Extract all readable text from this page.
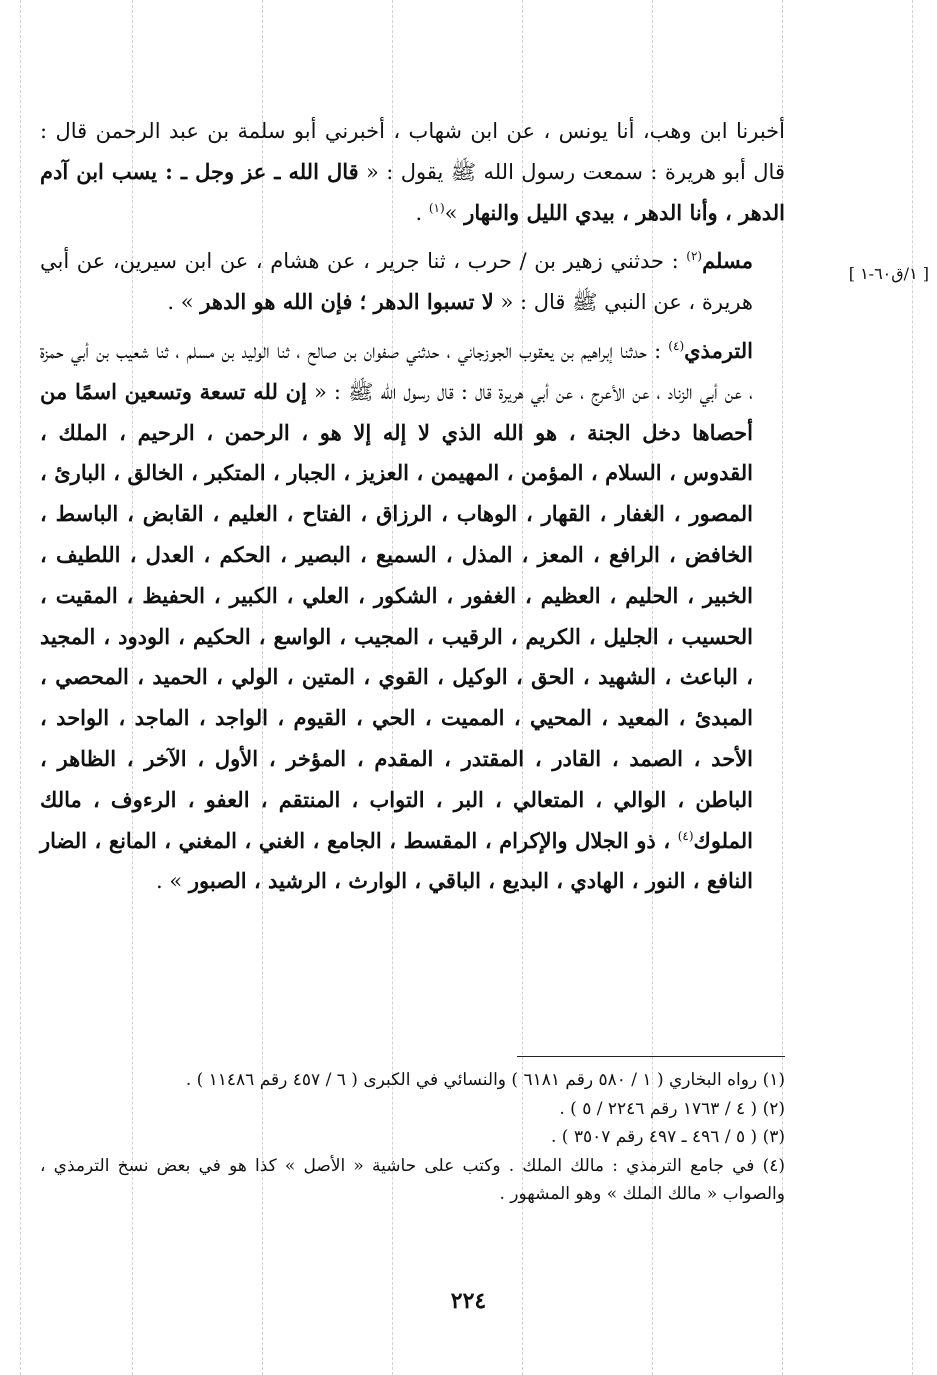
[ ١/ق٦٠-١ ]

أخبرنا ابن وهب، أنا يونس ، عن ابن شهاب ، أخبرني أبو سلمة بن عبد الرحمن قال : قال أبو هريرة : سمعت رسول الله ﷺ يقول : « قال الله ـ عز وجل ـ : يسب ابن آدم الدهر ، وأنا الدهر ، بيدي الليل والنهار »$^{(١)}$ .

مسلم$^{(٢)}$ : حدثني زهير بن / حرب ، ثنا جرير ، عن هشام ، عن ابن سيرين، عن أبي هريرة ، عن النبي ﷺ قال : « لا تسبوا الدهر ؛ فإن الله هو الدهر » .

الترمذي$^{(٤)}$ : حدثنا إبراهيم بن يعقوب الجوزجاني ، حدثني صفوان بن صالح ، ثنا الوليد بن مسلم ، ثنا شعيب بن أبي حمزة ، عن أبي الزناد ، عن الأعرج ، عن أبي هريرة قال : قال رسول الله ﷺ : « إن لله تسعة وتسعين اسمًا من أحصاها دخل الجنة ، هو الله الذي لا إله إلا هو ، الرحمن ، الرحيم ، الملك ، القدوس ، السلام ، المؤمن ، المهيمن ، العزيز ، الجبار ، المتكبر ، الخالق ، البارئ ، المصور ، الغفار ، القهار ، الوهاب ، الرزاق ، الفتاح ، العليم ، القابض ، الباسط ، الخافض ، الرافع ، المعز ، المذل ، السميع ، البصير ، الحكم ، العدل ، اللطيف ، الخبير ، الحليم ، العظيم ، الغفور ، الشكور ، العلي ، الكبير ، الحفيظ ، المقيت ، الحسيب ، الجليل ، الكريم ، الرقيب ، المجيب ، الواسع ، الحكيم ، الودود ، المجيد ، الباعث ، الشهيد ، الحق ، الوكيل ، القوي ، المتين ، الولي ، الحميد ، المحصي ، المبدئ ، المعيد ، المحيي ، المميت ، الحي ، القيوم ، الواجد ، الماجد ، الواحد ، الأحد ، الصمد ، القادر ، المقتدر ، المقدم ، المؤخر ، الأول ، الآخر ، الظاهر ، الباطن ، الوالي ، المتعالي ، البر ، التواب ، المنتقم ، العفو ، الرءوف ، مالك الملوك$^{(٤)}$ ، ذو الجلال والإكرام ، المقسط ، الجامع ، الغني ، المغني ، المانع ، الضار النافع ، النور ، الهادي ، البديع ، الباقي ، الوارث ، الرشيد ، الصبور » .

(١) رواه البخاري ( ١ / ٥٨٠ رقم ٦١٨١ ) والنسائي في الكبرى ( ٦ / ٤٥٧ رقم ١١٤٨٦ ) .

(٢) ( ٤ / ١٧٦٣ رقم ٢٢٤٦ / ٥ ) .

(٣) ( ٥ / ٤٩٦ ـ ٤٩٧ رقم ٣٥٠٧ ) .

(٤) في جامع الترمذي : مالك الملك . وكتب على حاشية « الأصل » كذا هو في بعض نسخ الترمذي ، والصواب « مالك الملك » وهو المشهور .

٢٢٤
